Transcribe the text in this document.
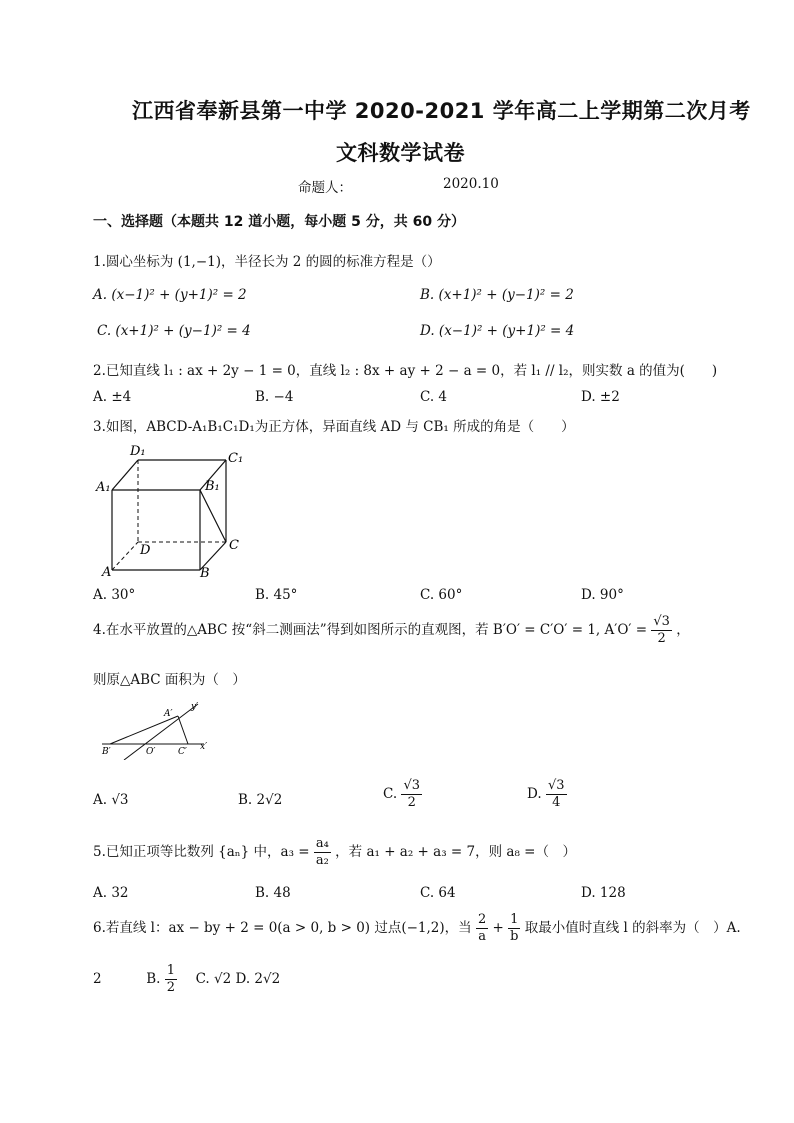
江西省奉新县第一中学 2020-2021 学年高二上学期第二次月考
文科数学试卷
命题人：	2020.10
一、选择题（本题共 12 道小题，每小题 5 分，共 60 分）
1.圆心坐标为 (1,−1)，半径长为 2 的圆的标准方程是（）
A. (x−1)² + (y+1)² = 2	B. (x+1)² + (y−1)² = 2
C. (x+1)² + (y−1)² = 4	D. (x−1)² + (y+1)² = 4
2.已知直线 l₁ : ax + 2y − 1 = 0，直线 l₂ : 8x + ay + 2 − a = 0，若 l₁ // l₂，则实数 a 的值为(　　)
A. ±4	B. −4	C. 4	D. ±2
3.如图，ABCD-A₁B₁C₁D₁为正方体，异面直线 AD 与 CB₁ 所成的角是（　　）
D₁	C₁
A₁	B₁
C
D
A	B
A. 30°	B. 45°	C. 60°	D. 90°
4.在水平放置的△ABC 按“斜二测画法”得到如图所示的直观图，若 B′O′ = C′O′ = 1, $A'O' = \frac{√3}{2}$ ，
则原△ABC 面积为（　）
A′
y′
B′	O′	C′ x′
A. √3	B. 2√2	C. $\frac{√3}{2}$	D. $\frac{√3}{4}$
5.已知正项等比数列 {aₙ} 中，$a_3 = \frac{\text{a₄}}{\text{a₂}}$ ，若 a₁ + a₂ + a₃ = 7，则 a₈ =（　）
A. 32	B. 48	C. 64	D. 128
6.若直线 l：ax − by + 2 = 0(a > 0, b > 0) 过点(−1,2)，当 $\frac{2}{a} + \frac{1}{b}$ 取最小值时直线 l 的斜率为（　）A.
2	B. $\frac{1}{2} C$. √2 D. 2√2
